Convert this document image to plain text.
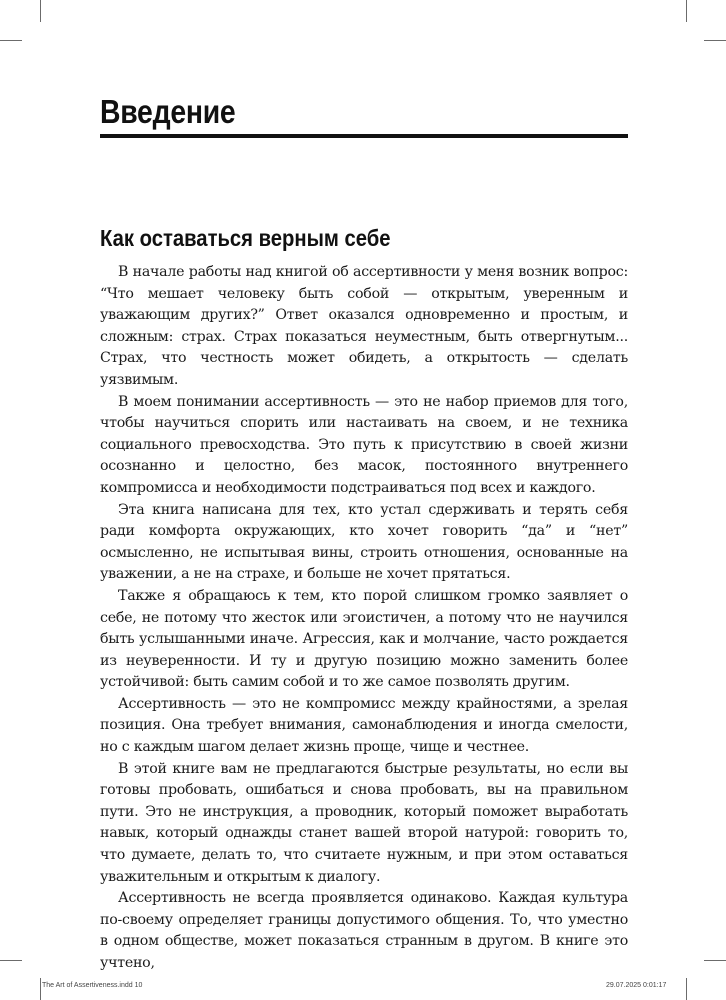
Введение
Как оставаться верным себе

В начале работы над книгой об ассертивности у меня возник вопрос: “Что мешает человеку быть собой — открытым, уверенным и уважающим других?” Ответ оказался одновременно и простым, и сложным: страх. Страх показаться неуместным, быть отвергнутым... Страх, что честность может обидеть, а открытость — сделать уязвимым.

В моем понимании ассертивность — это не набор приемов для того, чтобы научиться спорить или настаивать на своем, и не техника социального превосходства. Это путь к присутствию в своей жизни осознанно и целостно, без масок, постоянного внутреннего компромисса и необходимости подстраиваться под всех и каждого.

Эта книга написана для тех, кто устал сдерживать и терять себя ради комфорта окружающих, кто хочет говорить “да” и “нет” осмысленно, не испытывая вины, строить отношения, основанные на уважении, а не на страхе, и больше не хочет прятаться.

Также я обращаюсь к тем, кто порой слишком громко заявляет о себе, не потому что жесток или эгоистичен, а потому что не научился быть услышанными иначе. Агрессия, как и молчание, часто рождается из неуверенности. И ту и другую позицию можно заменить более устойчивой: быть самим собой и то же самое позволять другим.

Ассертивность — это не компромисс между крайностями, а зрелая позиция. Она требует внимания, самонаблюдения и иногда смелости, но с каждым шагом делает жизнь проще, чище и честнее.

В этой книге вам не предлагаются быстрые результаты, но если вы готовы пробовать, ошибаться и снова пробовать, вы на правильном пути. Это не инструкция, а проводник, который поможет выработать навык, который однажды станет вашей второй натурой: говорить то, что думаете, делать то, что считаете нужным, и при этом оставаться уважительным и открытым к диалогу.

Ассертивность не всегда проявляется одинаково. Каждая культура по-своему определяет границы допустимого общения. То, что уместно в одном обществе, может показаться странным в другом. В книге это учтено,

The Art of Assertiveness.indd 10	29.07.2025 0:01:17
